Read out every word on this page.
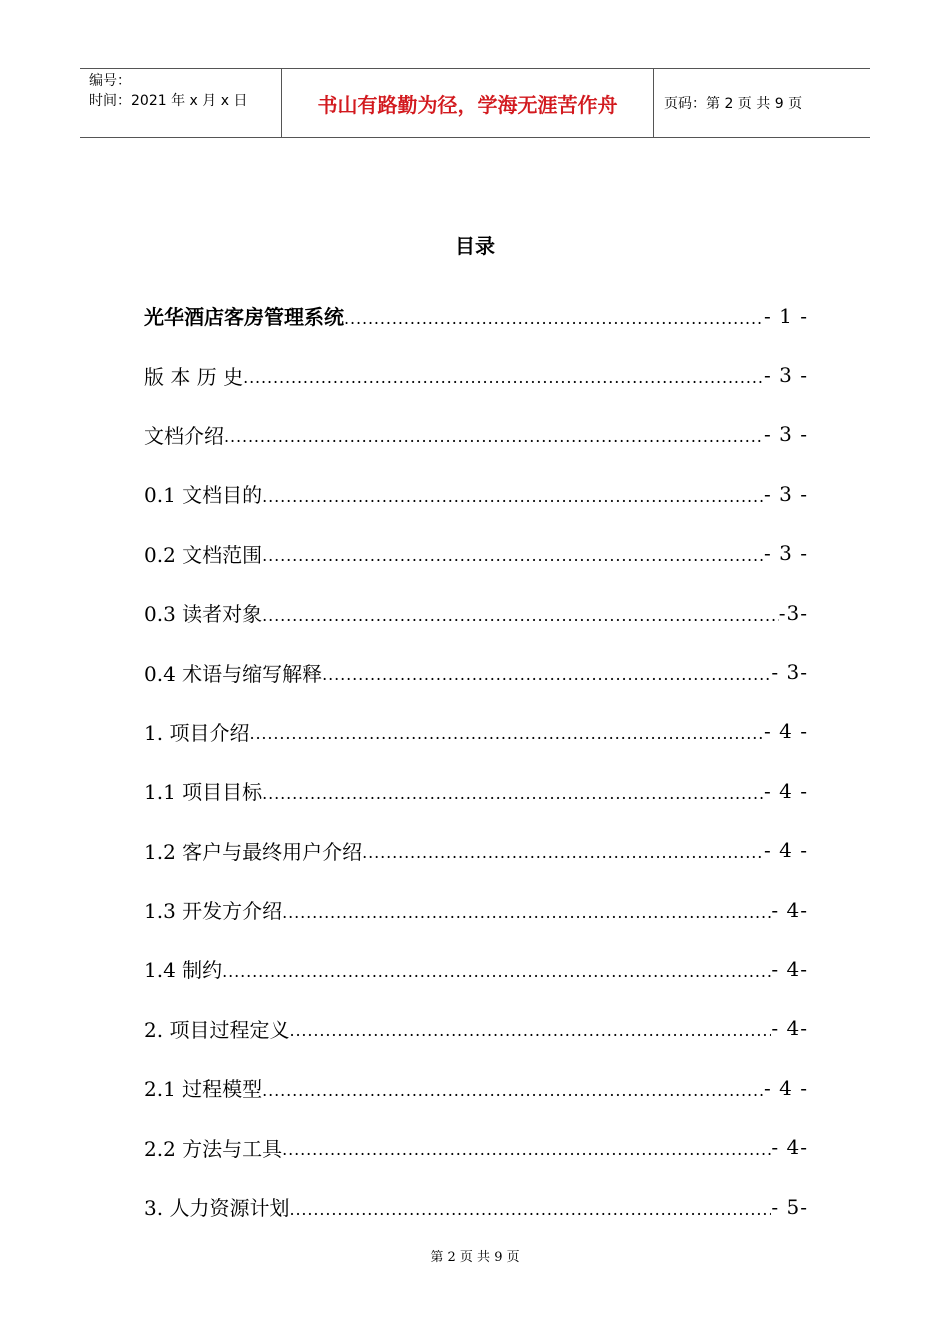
编号：
时间：2021 年 x 月 x 日	书山有路勤为径，学海无涯苦作舟	页码：第 2 页 共 9 页
目录
光华酒店客房管理系统 .....	- 1 -
版 本 历 史 .....	- 3 -
文档介绍 .....	- 3 -
0.1 文档目的 .....	- 3 -
0.2 文档范围 .....	- 3 -
0.3 读者对象 .....	-3-
0.4 术语与缩写解释 .....	- 3-
1. 项目介绍 .....	- 4 -
1.1 项目目标 .....	- 4 -
1.2 客户与最终用户介绍 .....	- 4 -
1.3 开发方介绍 .....	- 4-
1.4 制约 .....	- 4-
2. 项目过程定义 .....	- 4-
2.1 过程模型 .....	- 4 -
2.2 方法与工具 .....	- 4-
3. 人力资源计划 .....	- 5-
第 2 页 共 9 页
